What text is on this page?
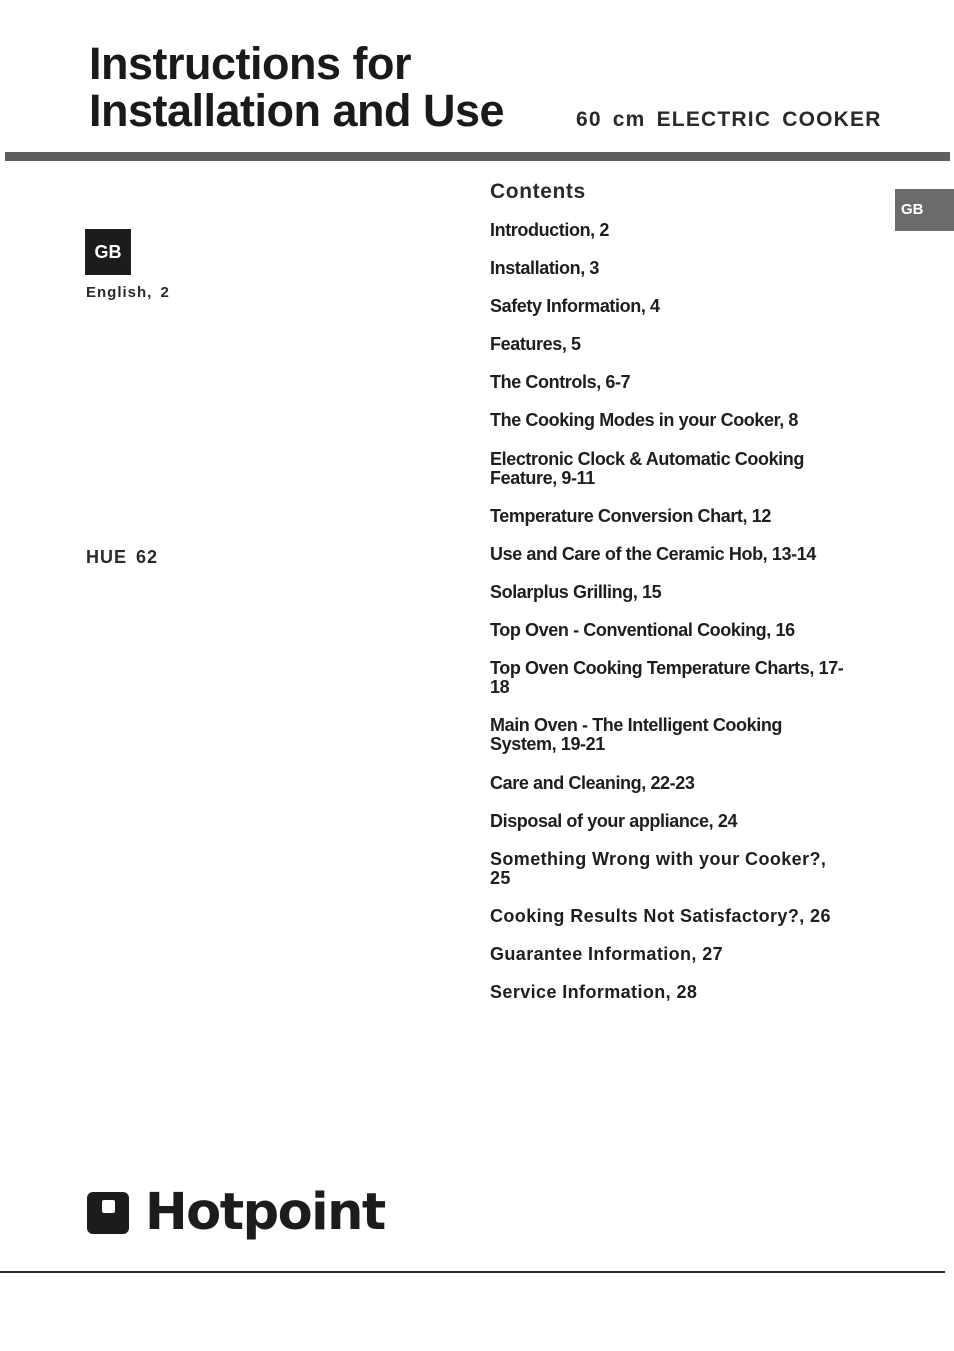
Instructions for
Installation and Use	60 cm ELECTRIC COOKER
GB
GB
English, 2
HUE 62
Contents
Introduction, 2
Installation, 3
Safety Information, 4
Features, 5
The Controls, 6-7
The Cooking Modes in your Cooker, 8
Electronic Clock & Automatic Cooking Feature, 9-11
Temperature Conversion Chart, 12
Use and Care of the Ceramic Hob, 13-14
Solarplus Grilling, 15
Top Oven - Conventional Cooking, 16
Top Oven Cooking Temperature Charts, 17-18
Main Oven - The Intelligent Cooking System, 19-21
Care and Cleaning, 22-23
Disposal of your appliance, 24
Something Wrong with your Cooker?, 25
Cooking Results Not Satisfactory?, 26
Guarantee Information, 27
Service Information, 28
Hotpoint
